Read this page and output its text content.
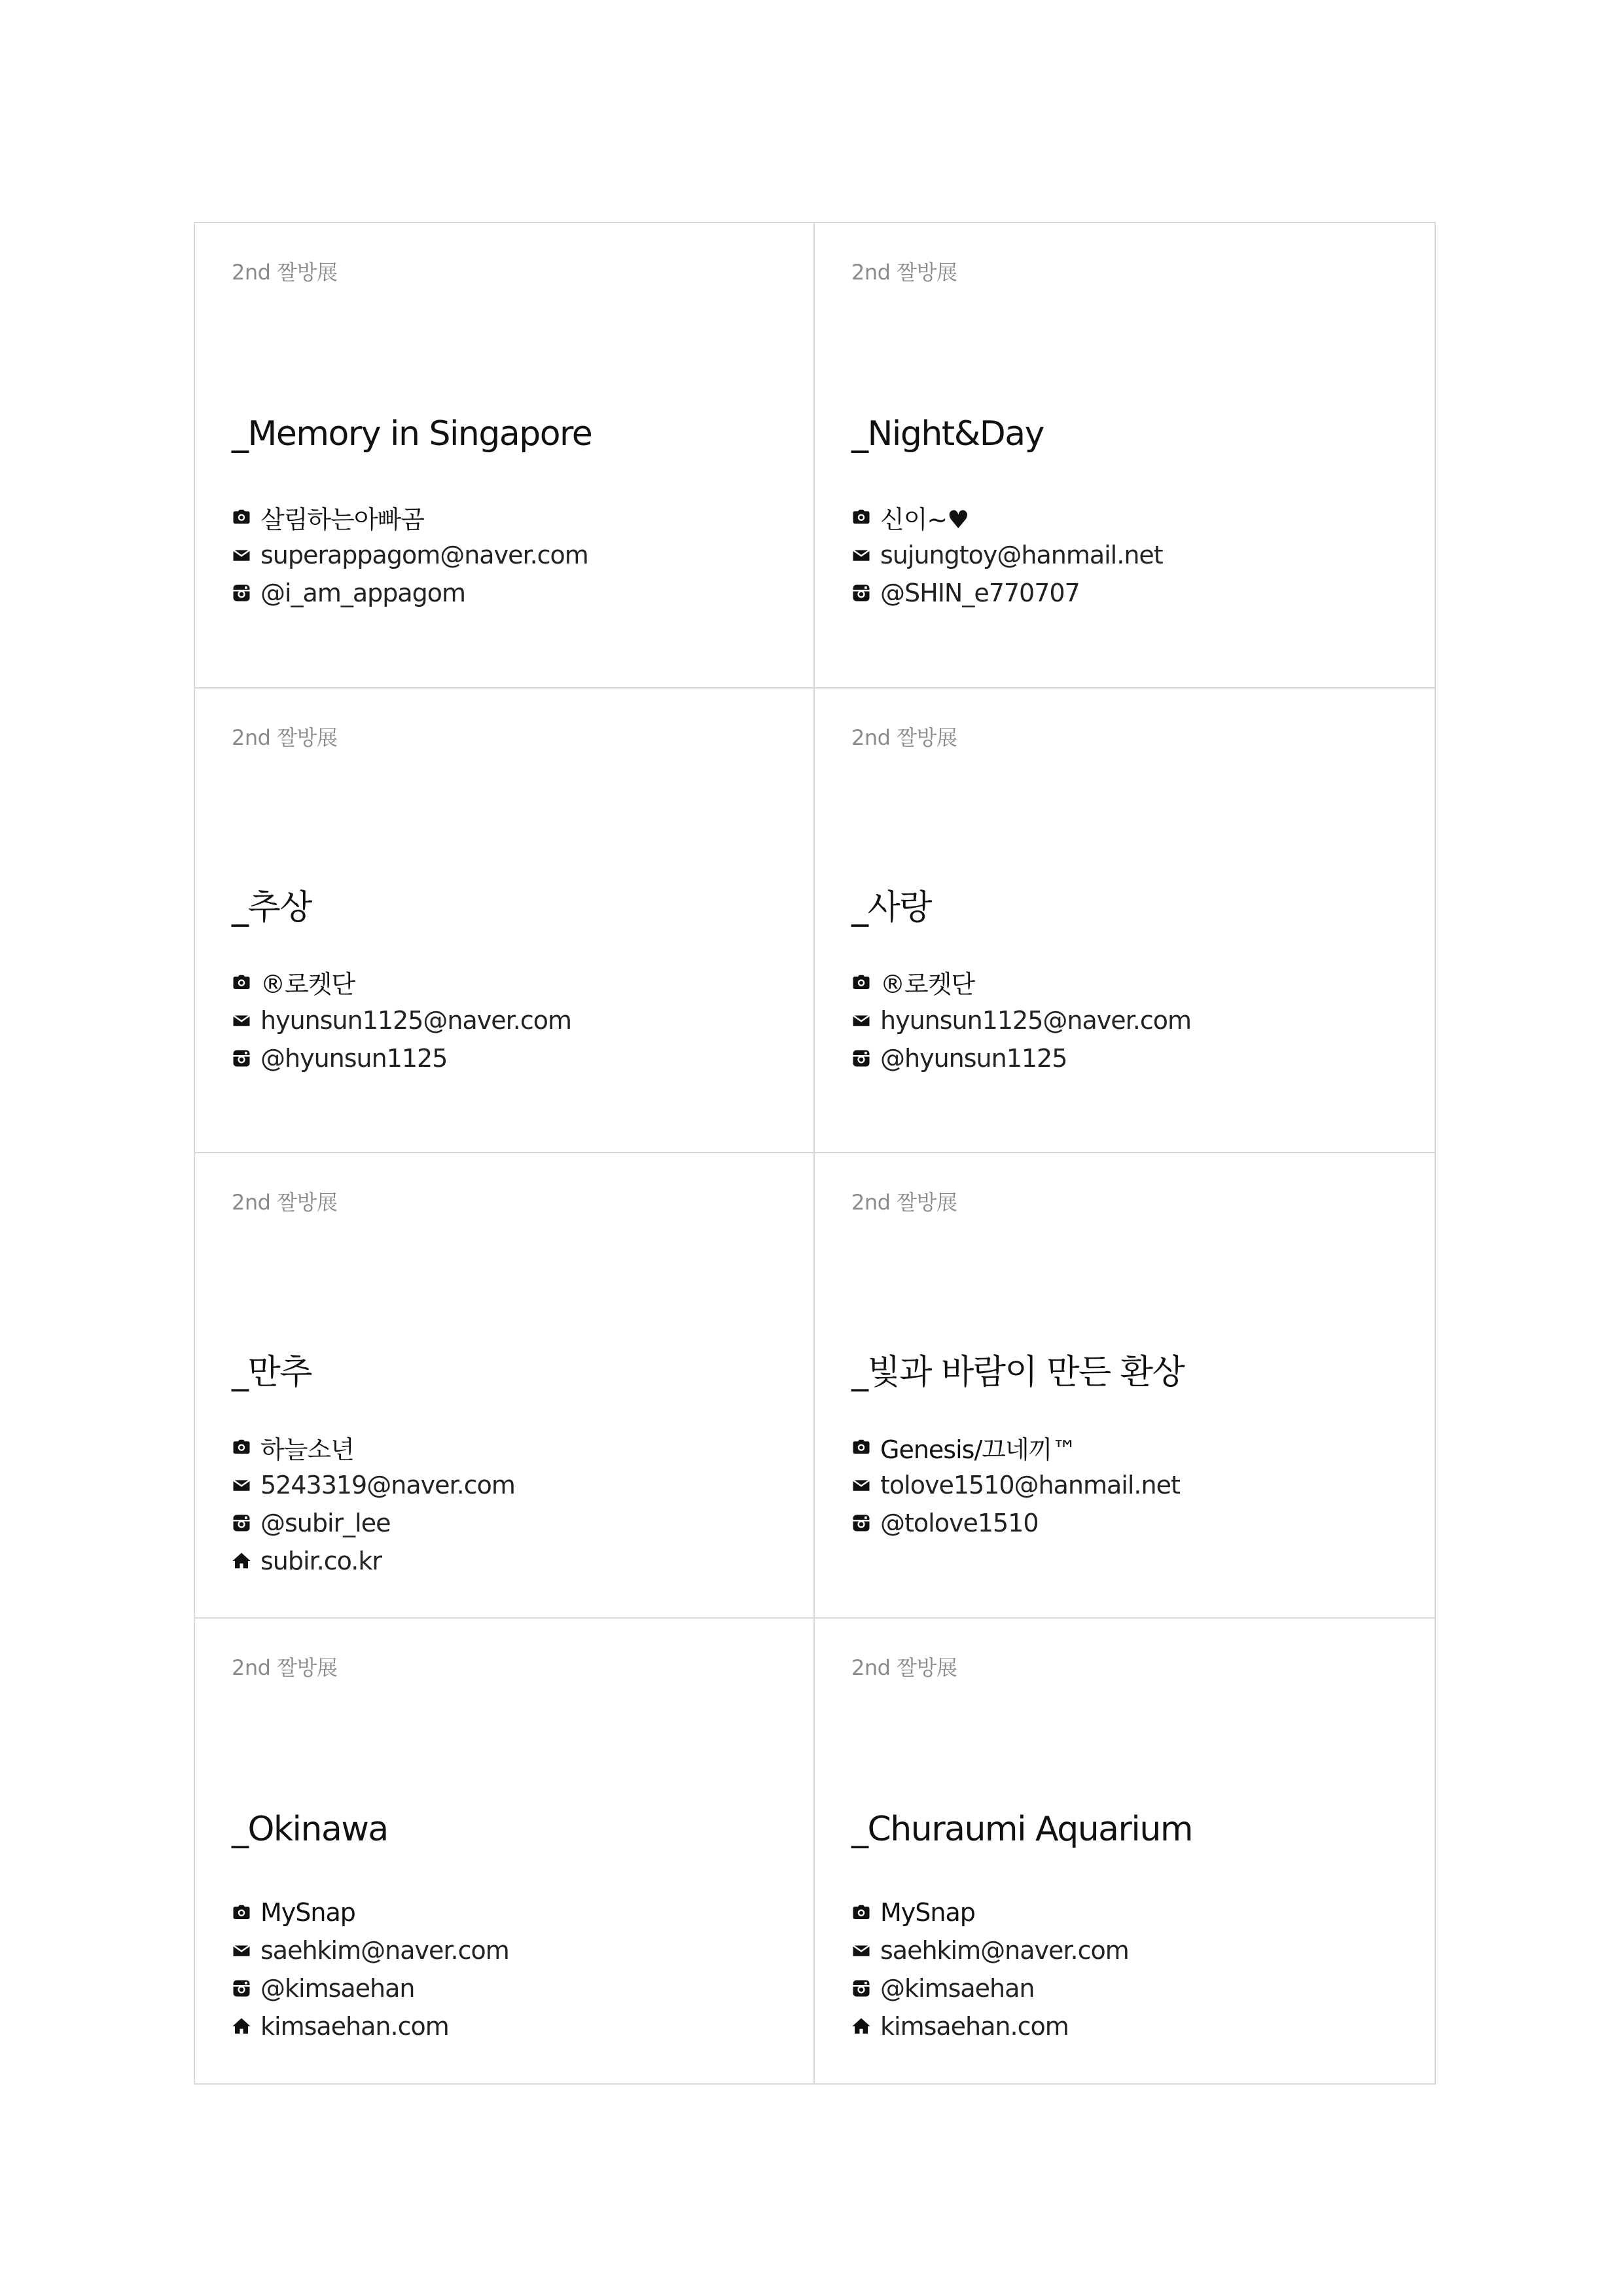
2nd 짤방展
_Memory in Singapore
살림하는아빠곰
superappagom@naver.com
@i_am_appagom
2nd 짤방展
_Night&Day
신이~♥
sujungtoy@hanmail.net
@SHIN_e770707
2nd 짤방展
_추상
®로켓단
hyunsun1125@naver.com
@hyunsun1125
2nd 짤방展
_사랑
®로켓단
hyunsun1125@naver.com
@hyunsun1125
2nd 짤방展
_만추
하늘소년
5243319@naver.com
@subir_lee
subir.co.kr
2nd 짤방展
_빛과 바람이 만든 환상
Genesis/끄네끼™
tolove1510@hanmail.net
@tolove1510
2nd 짤방展
_Okinawa
MySnap
saehkim@naver.com
@kimsaehan
kimsaehan.com
2nd 짤방展
_Churaumi Aquarium
MySnap
saehkim@naver.com
@kimsaehan
kimsaehan.com
